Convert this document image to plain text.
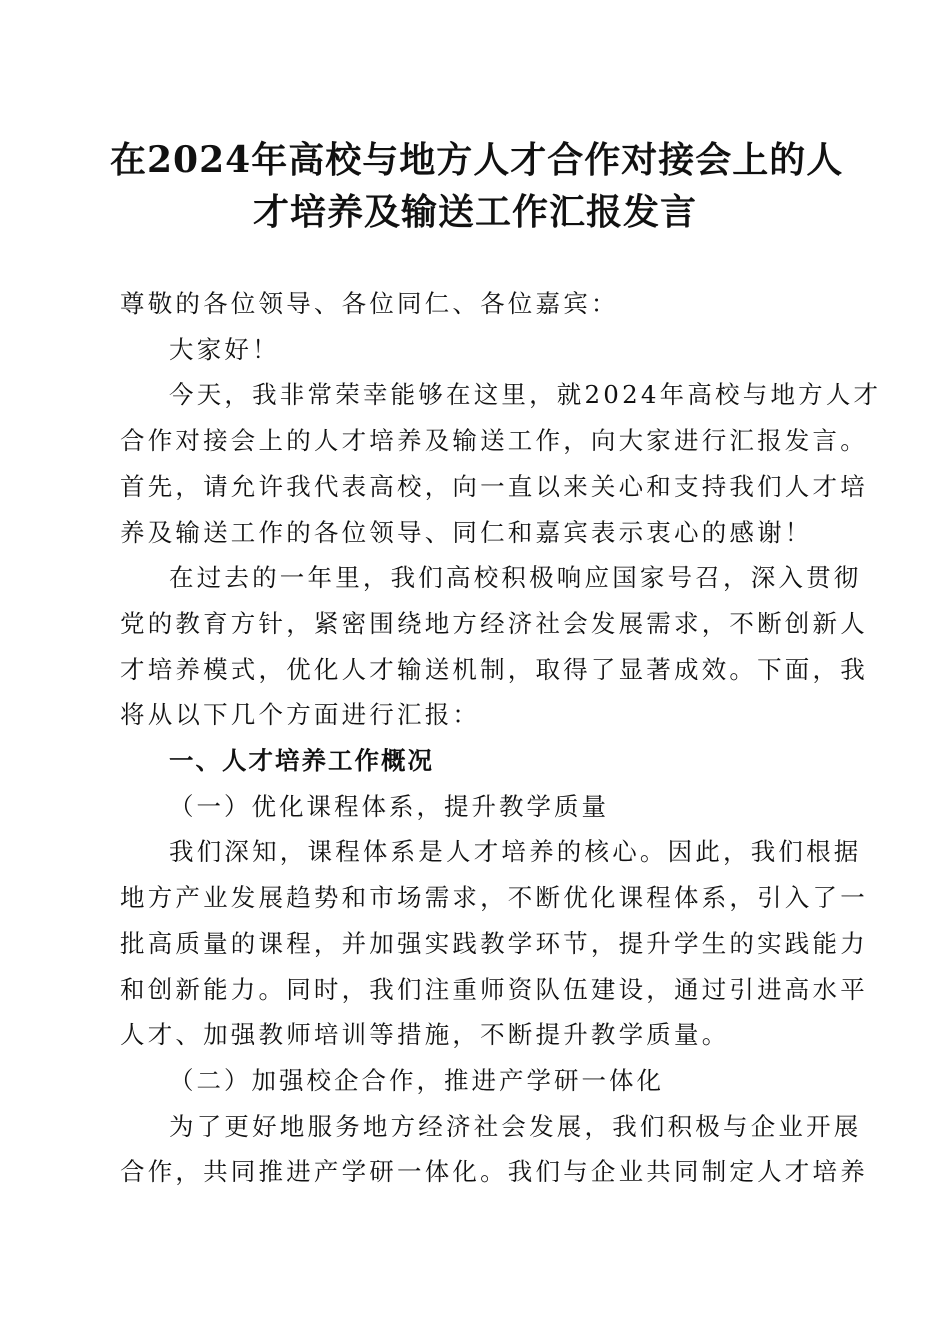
在2024年高校与地方人才合作对接会上的人
才培养及输送工作汇报发言
尊敬的各位领导、各位同仁、各位嘉宾：
大家好！
今天，我非常荣幸能够在这里，就2024年高校与地方人才
合作对接会上的人才培养及输送工作，向大家进行汇报发言。
首先，请允许我代表高校，向一直以来关心和支持我们人才培
养及输送工作的各位领导、同仁和嘉宾表示衷心的感谢！
在过去的一年里，我们高校积极响应国家号召，深入贯彻
党的教育方针，紧密围绕地方经济社会发展需求，不断创新人
才培养模式，优化人才输送机制，取得了显著成效。下面，我
将从以下几个方面进行汇报：
一、人才培养工作概况
（一）优化课程体系，提升教学质量
我们深知，课程体系是人才培养的核心。因此，我们根据
地方产业发展趋势和市场需求，不断优化课程体系，引入了一
批高质量的课程，并加强实践教学环节，提升学生的实践能力
和创新能力。同时，我们注重师资队伍建设，通过引进高水平
人才、加强教师培训等措施，不断提升教学质量。
（二）加强校企合作，推进产学研一体化
为了更好地服务地方经济社会发展，我们积极与企业开展
合作，共同推进产学研一体化。我们与企业共同制定人才培养
